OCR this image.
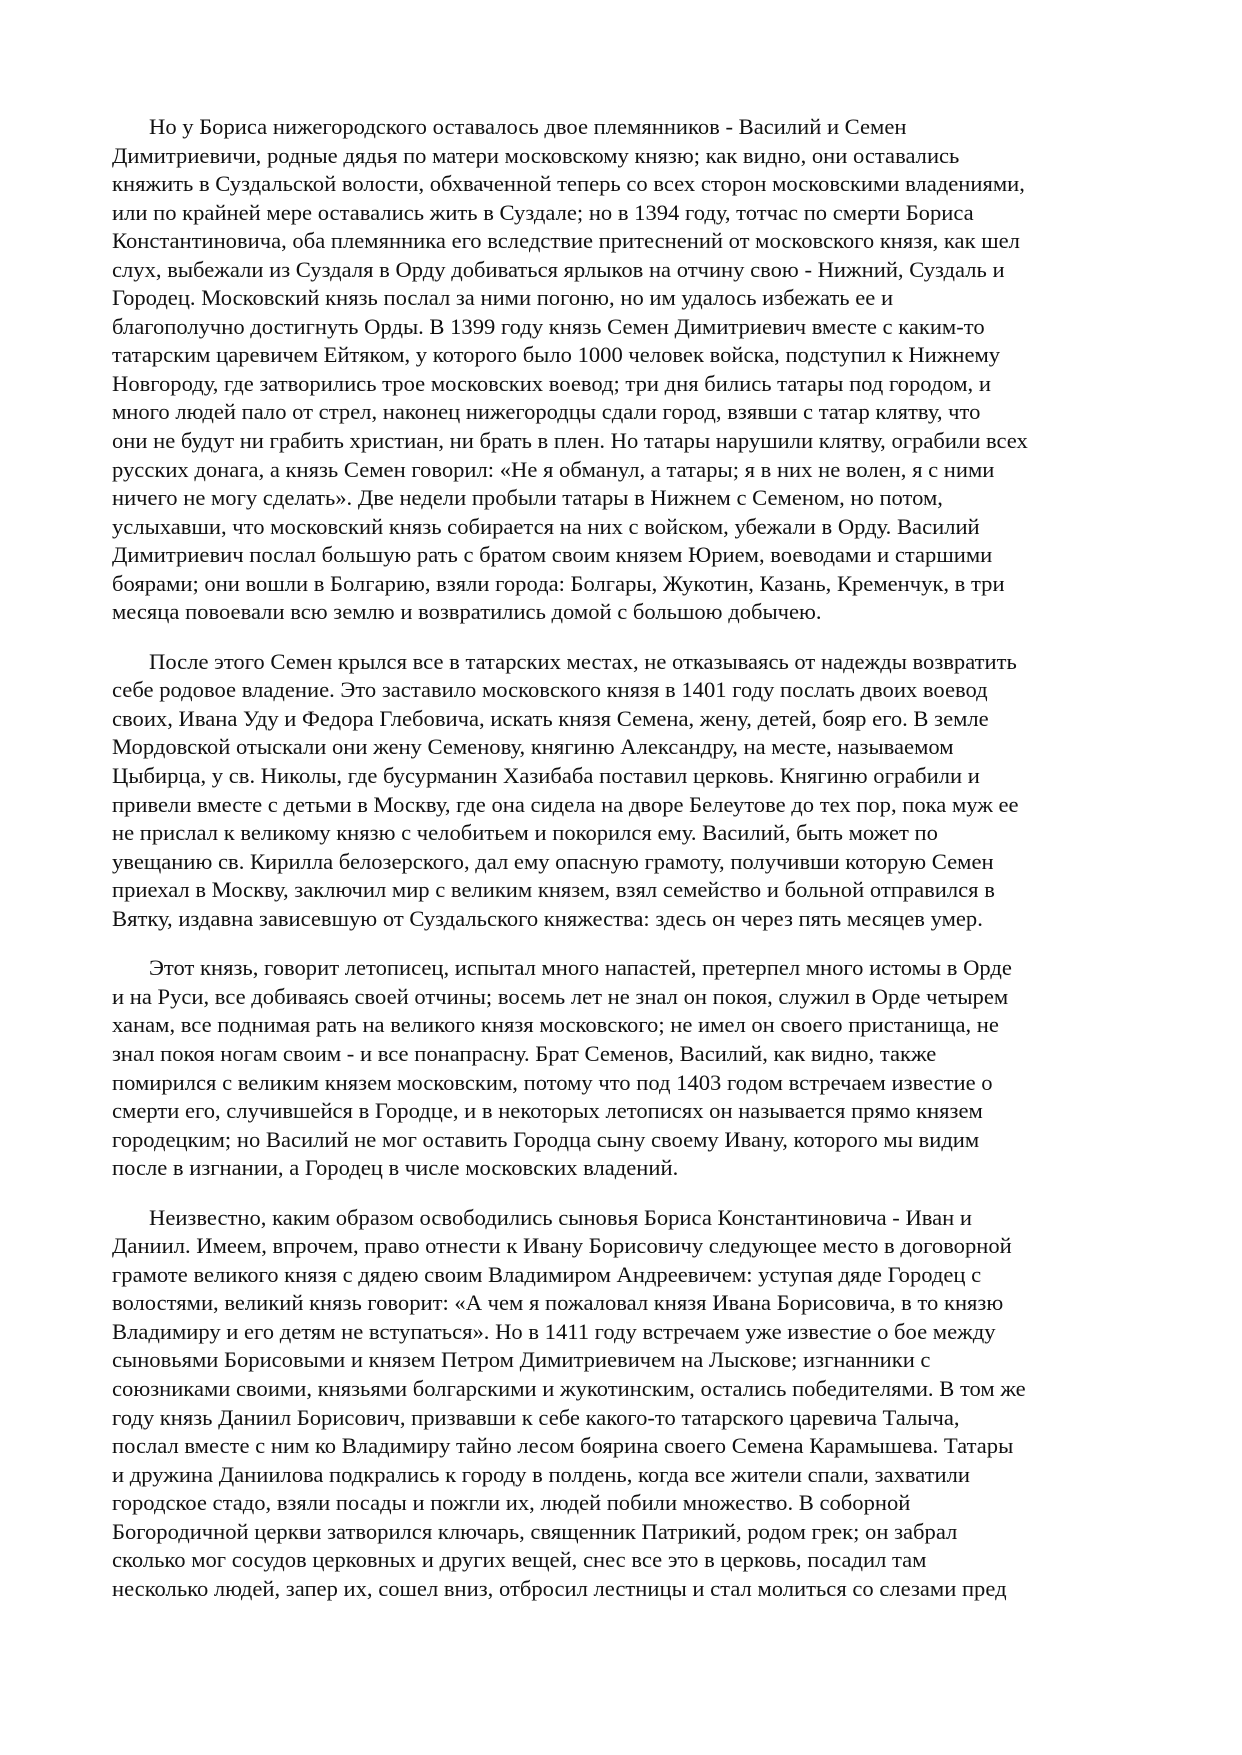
Но у Бориса нижегородского оставалось двое племянников - Василий и Семен
Димитриевичи, родные дядья по матери московскому князю; как видно, они оставались
княжить в Суздальской волости, обхваченной теперь со всех сторон московскими владениями,
или по крайней мере оставались жить в Суздале; но в 1394 году, тотчас по смерти Бориса
Константиновича, оба племянника его вследствие притеснений от московского князя, как шел
слух, выбежали из Суздаля в Орду добиваться ярлыков на отчину свою - Нижний, Суздаль и
Городец. Московский князь послал за ними погоню, но им удалось избежать ее и
благополучно достигнуть Орды. В 1399 году князь Семен Димитриевич вместе с каким-то
татарским царевичем Ейтяком, у которого было 1000 человек войска, подступил к Нижнему
Новгороду, где затворились трое московских воевод; три дня бились татары под городом, и
много людей пало от стрел, наконец нижегородцы сдали город, взявши с татар клятву, что
они не будут ни грабить христиан, ни брать в плен. Но татары нарушили клятву, ограбили всех
русских донага, а князь Семен говорил: «Не я обманул, а татары; я в них не волен, я с ними
ничего не могу сделать». Две недели пробыли татары в Нижнем с Семеном, но потом,
услыхавши, что московский князь собирается на них с войском, убежали в Орду. Василий
Димитриевич послал большую рать с братом своим князем Юрием, воеводами и старшими
боярами; они вошли в Болгарию, взяли города: Болгары, Жукотин, Казань, Кременчук, в три
месяца повоевали всю землю и возвратились домой с большою добычею.

После этого Семен крылся все в татарских местах, не отказываясь от надежды возвратить
себе родовое владение. Это заставило московского князя в 1401 году послать двоих воевод
своих, Ивана Уду и Федора Глебовича, искать князя Семена, жену, детей, бояр его. В земле
Мордовской отыскали они жену Семенову, княгиню Александру, на месте, называемом
Цыбирца, у св. Николы, где бусурманин Хазибаба поставил церковь. Княгиню ограбили и
привели вместе с детьми в Москву, где она сидела на дворе Белеутове до тех пор, пока муж ее
не прислал к великому князю с челобитьем и покорился ему. Василий, быть может по
увещанию св. Кирилла белозерского, дал ему опасную грамоту, получивши которую Семен
приехал в Москву, заключил мир с великим князем, взял семейство и больной отправился в
Вятку, издавна зависевшую от Суздальского княжества: здесь он через пять месяцев умер.

Этот князь, говорит летописец, испытал много напастей, претерпел много истомы в Орде
и на Руси, все добиваясь своей отчины; восемь лет не знал он покоя, служил в Орде четырем
ханам, все поднимая рать на великого князя московского; не имел он своего пристанища, не
знал покоя ногам своим - и все понапрасну. Брат Семенов, Василий, как видно, также
помирился с великим князем московским, потому что под 1403 годом встречаем известие о
смерти его, случившейся в Городце, и в некоторых летописях он называется прямо князем
городецким; но Василий не мог оставить Городца сыну своему Ивану, которого мы видим
после в изгнании, а Городец в числе московских владений.

Неизвестно, каким образом освободились сыновья Бориса Константиновича - Иван и
Даниил. Имеем, впрочем, право отнести к Ивану Борисовичу следующее место в договорной
грамоте великого князя с дядею своим Владимиром Андреевичем: уступая дяде Городец с
волостями, великий князь говорит: «А чем я пожаловал князя Ивана Борисовича, в то князю
Владимиру и его детям не вступаться». Но в 1411 году встречаем уже известие о бое между
сыновьями Борисовыми и князем Петром Димитриевичем на Лыскове; изгнанники с
союзниками своими, князьями болгарскими и жукотинским, остались победителями. В том же
году князь Даниил Борисович, призвавши к себе какого-то татарского царевича Талыча,
послал вместе с ним ко Владимиру тайно лесом боярина своего Семена Карамышева. Татары
и дружина Даниилова подкрались к городу в полдень, когда все жители спали, захватили
городское стадо, взяли посады и пожгли их, людей побили множество. В соборной
Богородичной церкви затворился ключарь, священник Патрикий, родом грек; он забрал
сколько мог сосудов церковных и других вещей, снес все это в церковь, посадил там
несколько людей, запер их, сошел вниз, отбросил лестницы и стал молиться со слезами пред
